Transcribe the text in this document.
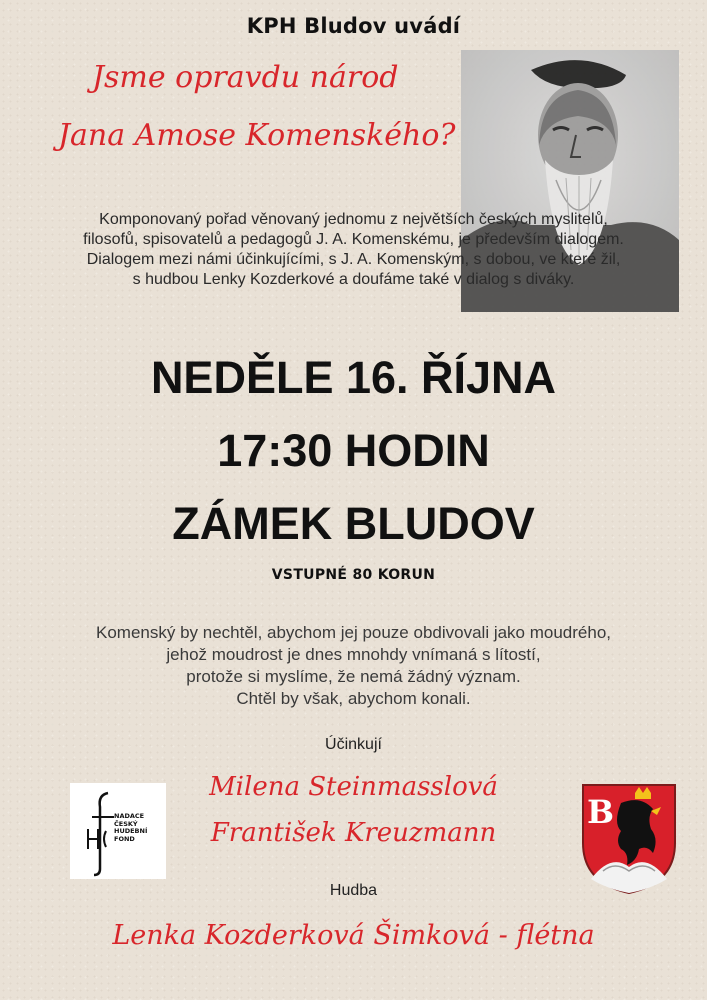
KPH Bludov uvádí
Jsme opravdu národ
Jana Amose Komenského?
Komponovaný pořad věnovaný jednomu z největších českých myslitelů,
filosofů, spisovatelů a pedagogů J. A. Komenskému, je především dialogem.
Dialogem mezi námi účinkujícími, s J. A. Komenským, s dobou, ve které žil,
s hudbou Lenky Kozderkové a doufáme také v dialog s diváky.
NEDĚLE 16. ŘÍJNA
17:30 HODIN
ZÁMEK BLUDOV
VSTUPNÉ 80 KORUN
Komenský by nechtěl, abychom jej pouze obdivovali jako moudrého,
jehož moudrost je dnes mnohdy vnímaná s lítostí,
protože si myslíme, že nemá žádný význam.
Chtěl by však, abychom konali.
Účinkují
Milena Steinmasslová
František Kreuzmann
Hudba
Lenka Kozderková Šimková - flétna
NADACE
ČESKÝ
HUDEBNÍ
FOND
B
